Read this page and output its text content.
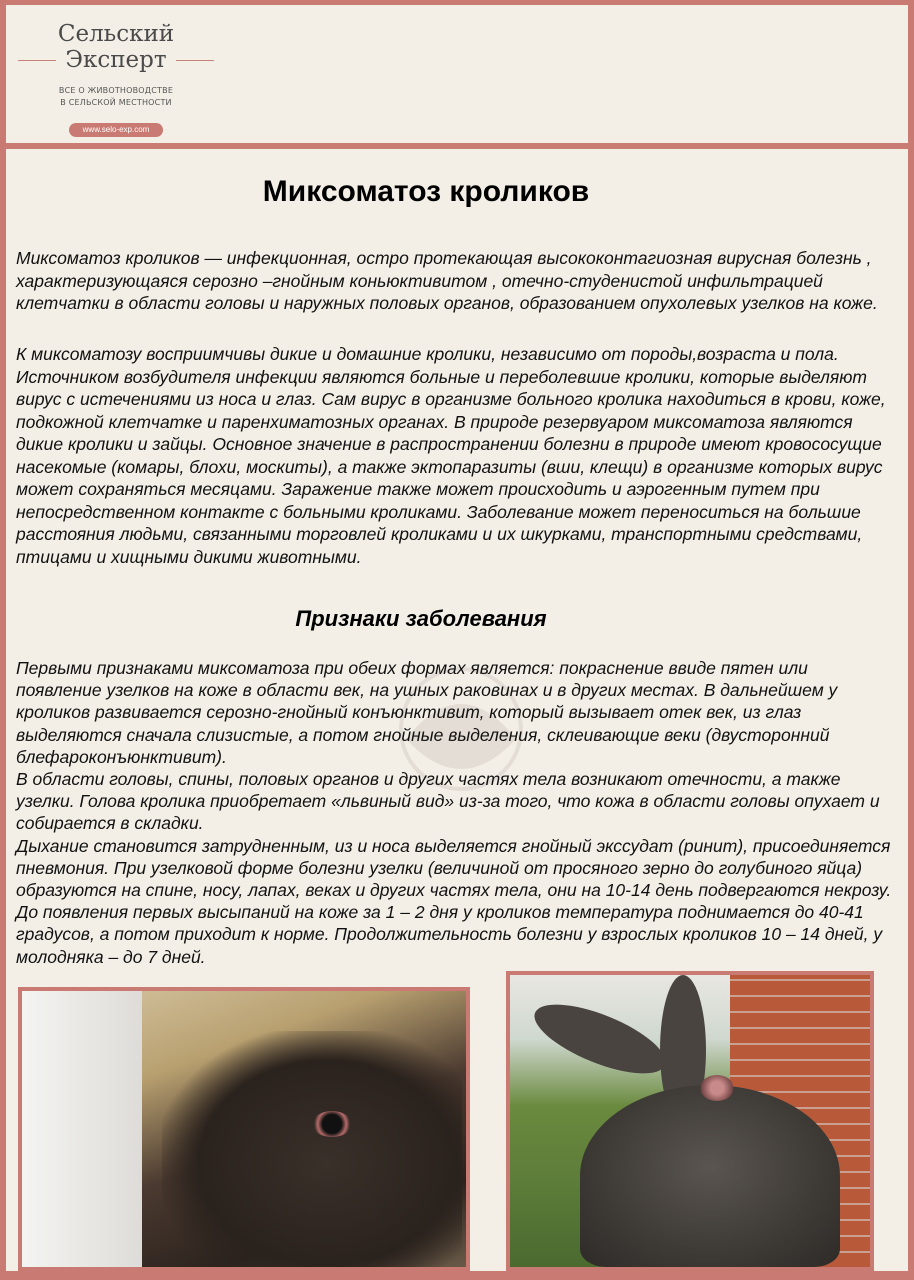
Сельский
Эксперт
ВСЕ О ЖИВОТНОВОДСТВЕ
В СЕЛЬСКОЙ МЕСТНОСТИ
www.selo-exp.com
Миксоматоз кроликов

Миксоматоз кроликов — инфекционная, остро протекающая высококонтагиозная вирусная болезнь , характеризующаяся серозно –гнойным коньюктивитом , отечно-студенистой инфильтрацией клетчатки в области головы и наружных половых органов, образованием опухолевых узелков на коже.

К миксоматозу восприимчивы дикие и домашние кролики, независимо от породы,возраста и пола. Источником возбудителя инфекции являются больные и переболевшие кролики, которые выделяют вирус с истечениями из носа и глаз. Сам вирус в организме больного кролика находиться в крови, коже, подкожной клетчатке и паренхиматозных органах. В природе резервуаром миксоматоза являются дикие кролики и зайцы. Основное значение в распространении болезни в природе имеют кровососущие насекомые (комары, блохи, москиты), а также эктопаразиты (вши, клещи) в организме которых вирус может сохраняться месяцами. Заражение также может происходить и аэрогенным путем при непосредственном контакте с больными кроликами. Заболевание может переноситься на большие расстояния людьми, связанными торговлей кроликами и их шкурками, транспортными средствами, птицами и хищными дикими животными.

Признаки заболевания
Первыми признаками миксоматоза при обеих формах является: покраснение ввиде пятен или появление узелков на коже в области век, на ушных раковинах и в других местах. В дальнейшем у кроликов развивается серозно-гнойный конъюнктивит, который вызывает отек век, из глаз выделяются сначала слизистые, а потом гнойные выделения, склеивающие веки (двусторонний блефароконъюнктивит).
В области головы, спины, половых органов и других частях тела возникают отечности, а также узелки. Голова кролика приобретает «львиный вид» из-за того, что кожа в области головы опухает и собирается в складки.
Дыхание становится затрудненным, из и носа выделяется гнойный экссудат (ринит), присоединяется пневмония. При узелковой форме болезни узелки (величиной от просяного зерно до голубиного яйца) образуются на спине, носу, лапах, веках и других частях тела, они на 10-14 день подвергаются некрозу.
До появления первых высыпаний на коже за 1 – 2 дня у кроликов температура поднимается до 40-41 градусов, а потом приходит к норме. Продолжительность болезни у взрослых кроликов 10 – 14 дней, у молодняка – до 7 дней.
